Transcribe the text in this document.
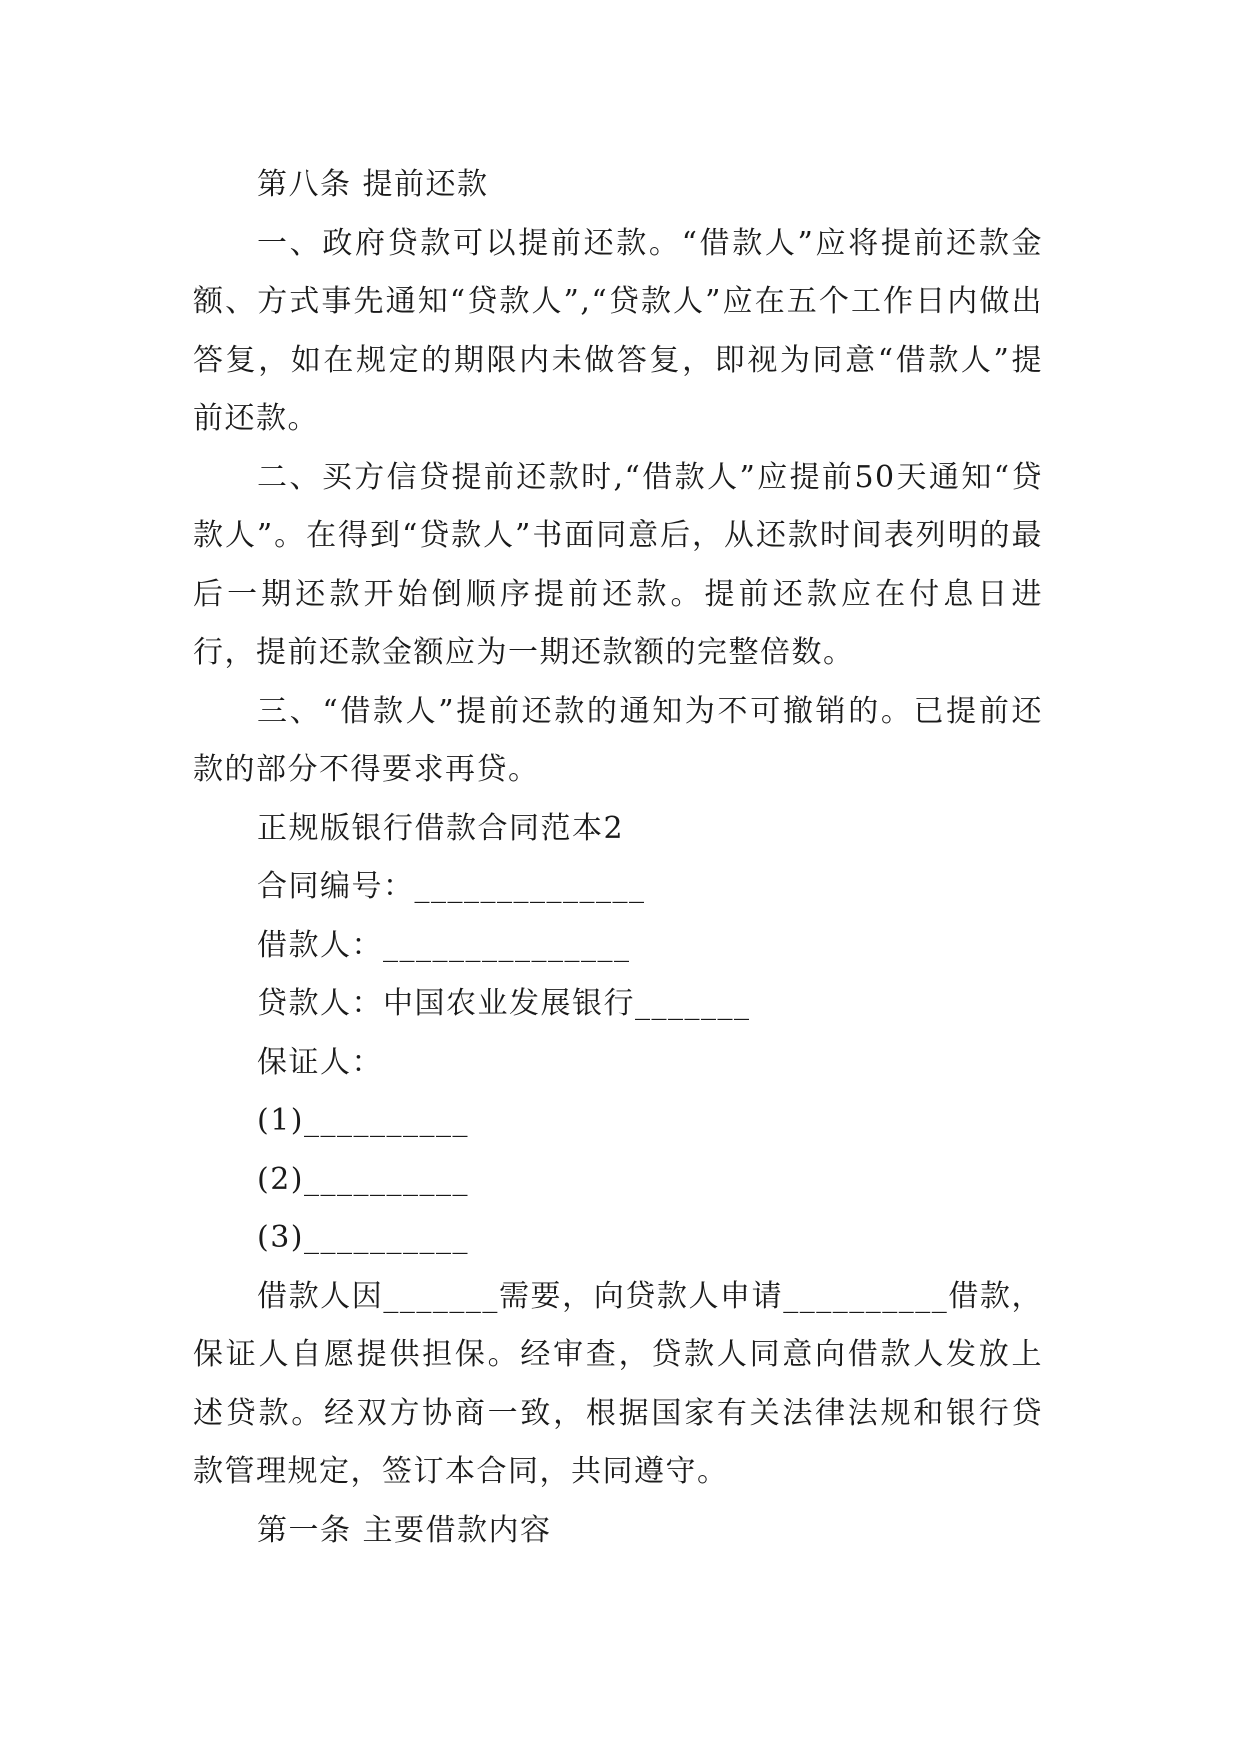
第八条 提前还款

一、政府贷款可以提前还款。“借款人”应将提前还款金额、方式事先通知“贷款人”,“贷款人”应在五个工作日内做出答复，如在规定的期限内未做答复，即视为同意“借款人”提前还款。

二、买方信贷提前还款时,“借款人”应提前50天通知“贷款人”。在得到“贷款人”书面同意后，从还款时间表列明的最后一期还款开始倒顺序提前还款。提前还款应在付息日进行，提前还款金额应为一期还款额的完整倍数。

三、“借款人”提前还款的通知为不可撤销的。已提前还款的部分不得要求再贷。

正规版银行借款合同范本2

合同编号：______________

借款人：_______________

贷款人：中国农业发展银行_______

保证人：

(1)__________

(2)__________

(3)__________

借款人因_______需要，向贷款人申请__________借款，保证人自愿提供担保。经审查，贷款人同意向借款人发放上述贷款。经双方协商一致，根据国家有关法律法规和银行贷款管理规定，签订本合同，共同遵守。

第一条 主要借款内容
